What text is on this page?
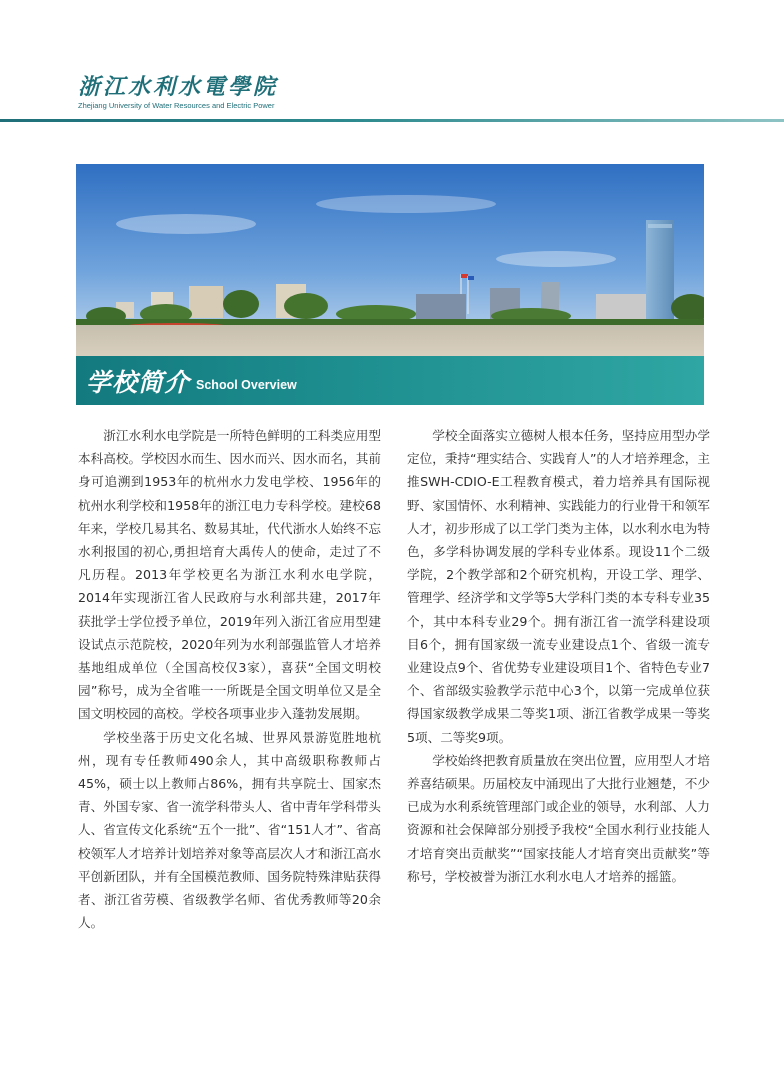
浙江水利水電學院
Zhejiang University of Water Resources and Electric Power
学校简介 School Overview

浙江水利水电学院是一所特色鲜明的工科类应用型本科高校。学校因水而生、因水而兴、因水而名，其前身可追溯到1953年的杭州水力发电学校、1956年的杭州水利学校和1958年的浙江电力专科学校。建校68年来，学校几易其名、数易其址，代代浙水人始终不忘水利报国的初心,勇担培育大禹传人的使命，走过了不凡历程。2013年学校更名为浙江水利水电学院，2014年实现浙江省人民政府与水利部共建，2017年获批学士学位授予单位，2019年列入浙江省应用型建设试点示范院校，2020年列为水利部强监管人才培养基地组成单位（全国高校仅3家），喜获“全国文明校园”称号，成为全省唯一一所既是全国文明单位又是全国文明校园的高校。学校各项事业步入蓬勃发展期。

学校坐落于历史文化名城、世界风景游览胜地杭州，现有专任教师490余人，其中高级职称教师占45%，硕士以上教师占86%，拥有共享院士、国家杰青、外国专家、省一流学科带头人、省中青年学科带头人、省宣传文化系统“五个一批”、省“151人才”、省高校领军人才培养计划培养对象等高层次人才和浙江高水平创新团队，并有全国模范教师、国务院特殊津贴获得者、浙江省劳模、省级教学名师、省优秀教师等20余人。

学校全面落实立德树人根本任务，坚持应用型办学定位，秉持“理实结合、实践育人”的人才培养理念，主推SWH-CDIO-E工程教育模式，着力培养具有国际视野、家国情怀、水利精神、实践能力的行业骨干和领军人才，初步形成了以工学门类为主体，以水利水电为特色，多学科协调发展的学科专业体系。现设11个二级学院，2个教学部和2个研究机构，开设工学、理学、管理学、经济学和文学等5大学科门类的本专科专业35个，其中本科专业29个。拥有浙江省一流学科建设项目6个，拥有国家级一流专业建设点1个、省级一流专业建设点9个、省优势专业建设项目1个、省特色专业7个、省部级实验教学示范中心3个，以第一完成单位获得国家级教学成果二等奖1项、浙江省教学成果一等奖5项、二等奖9项。

学校始终把教育质量放在突出位置，应用型人才培养喜结硕果。历届校友中涌现出了大批行业翘楚，不少已成为水利系统管理部门或企业的领导，水利部、人力资源和社会保障部分别授予我校“全国水利行业技能人才培育突出贡献奖”“国家技能人才培育突出贡献奖”等称号，学校被誉为浙江水利水电人才培养的摇篮。
